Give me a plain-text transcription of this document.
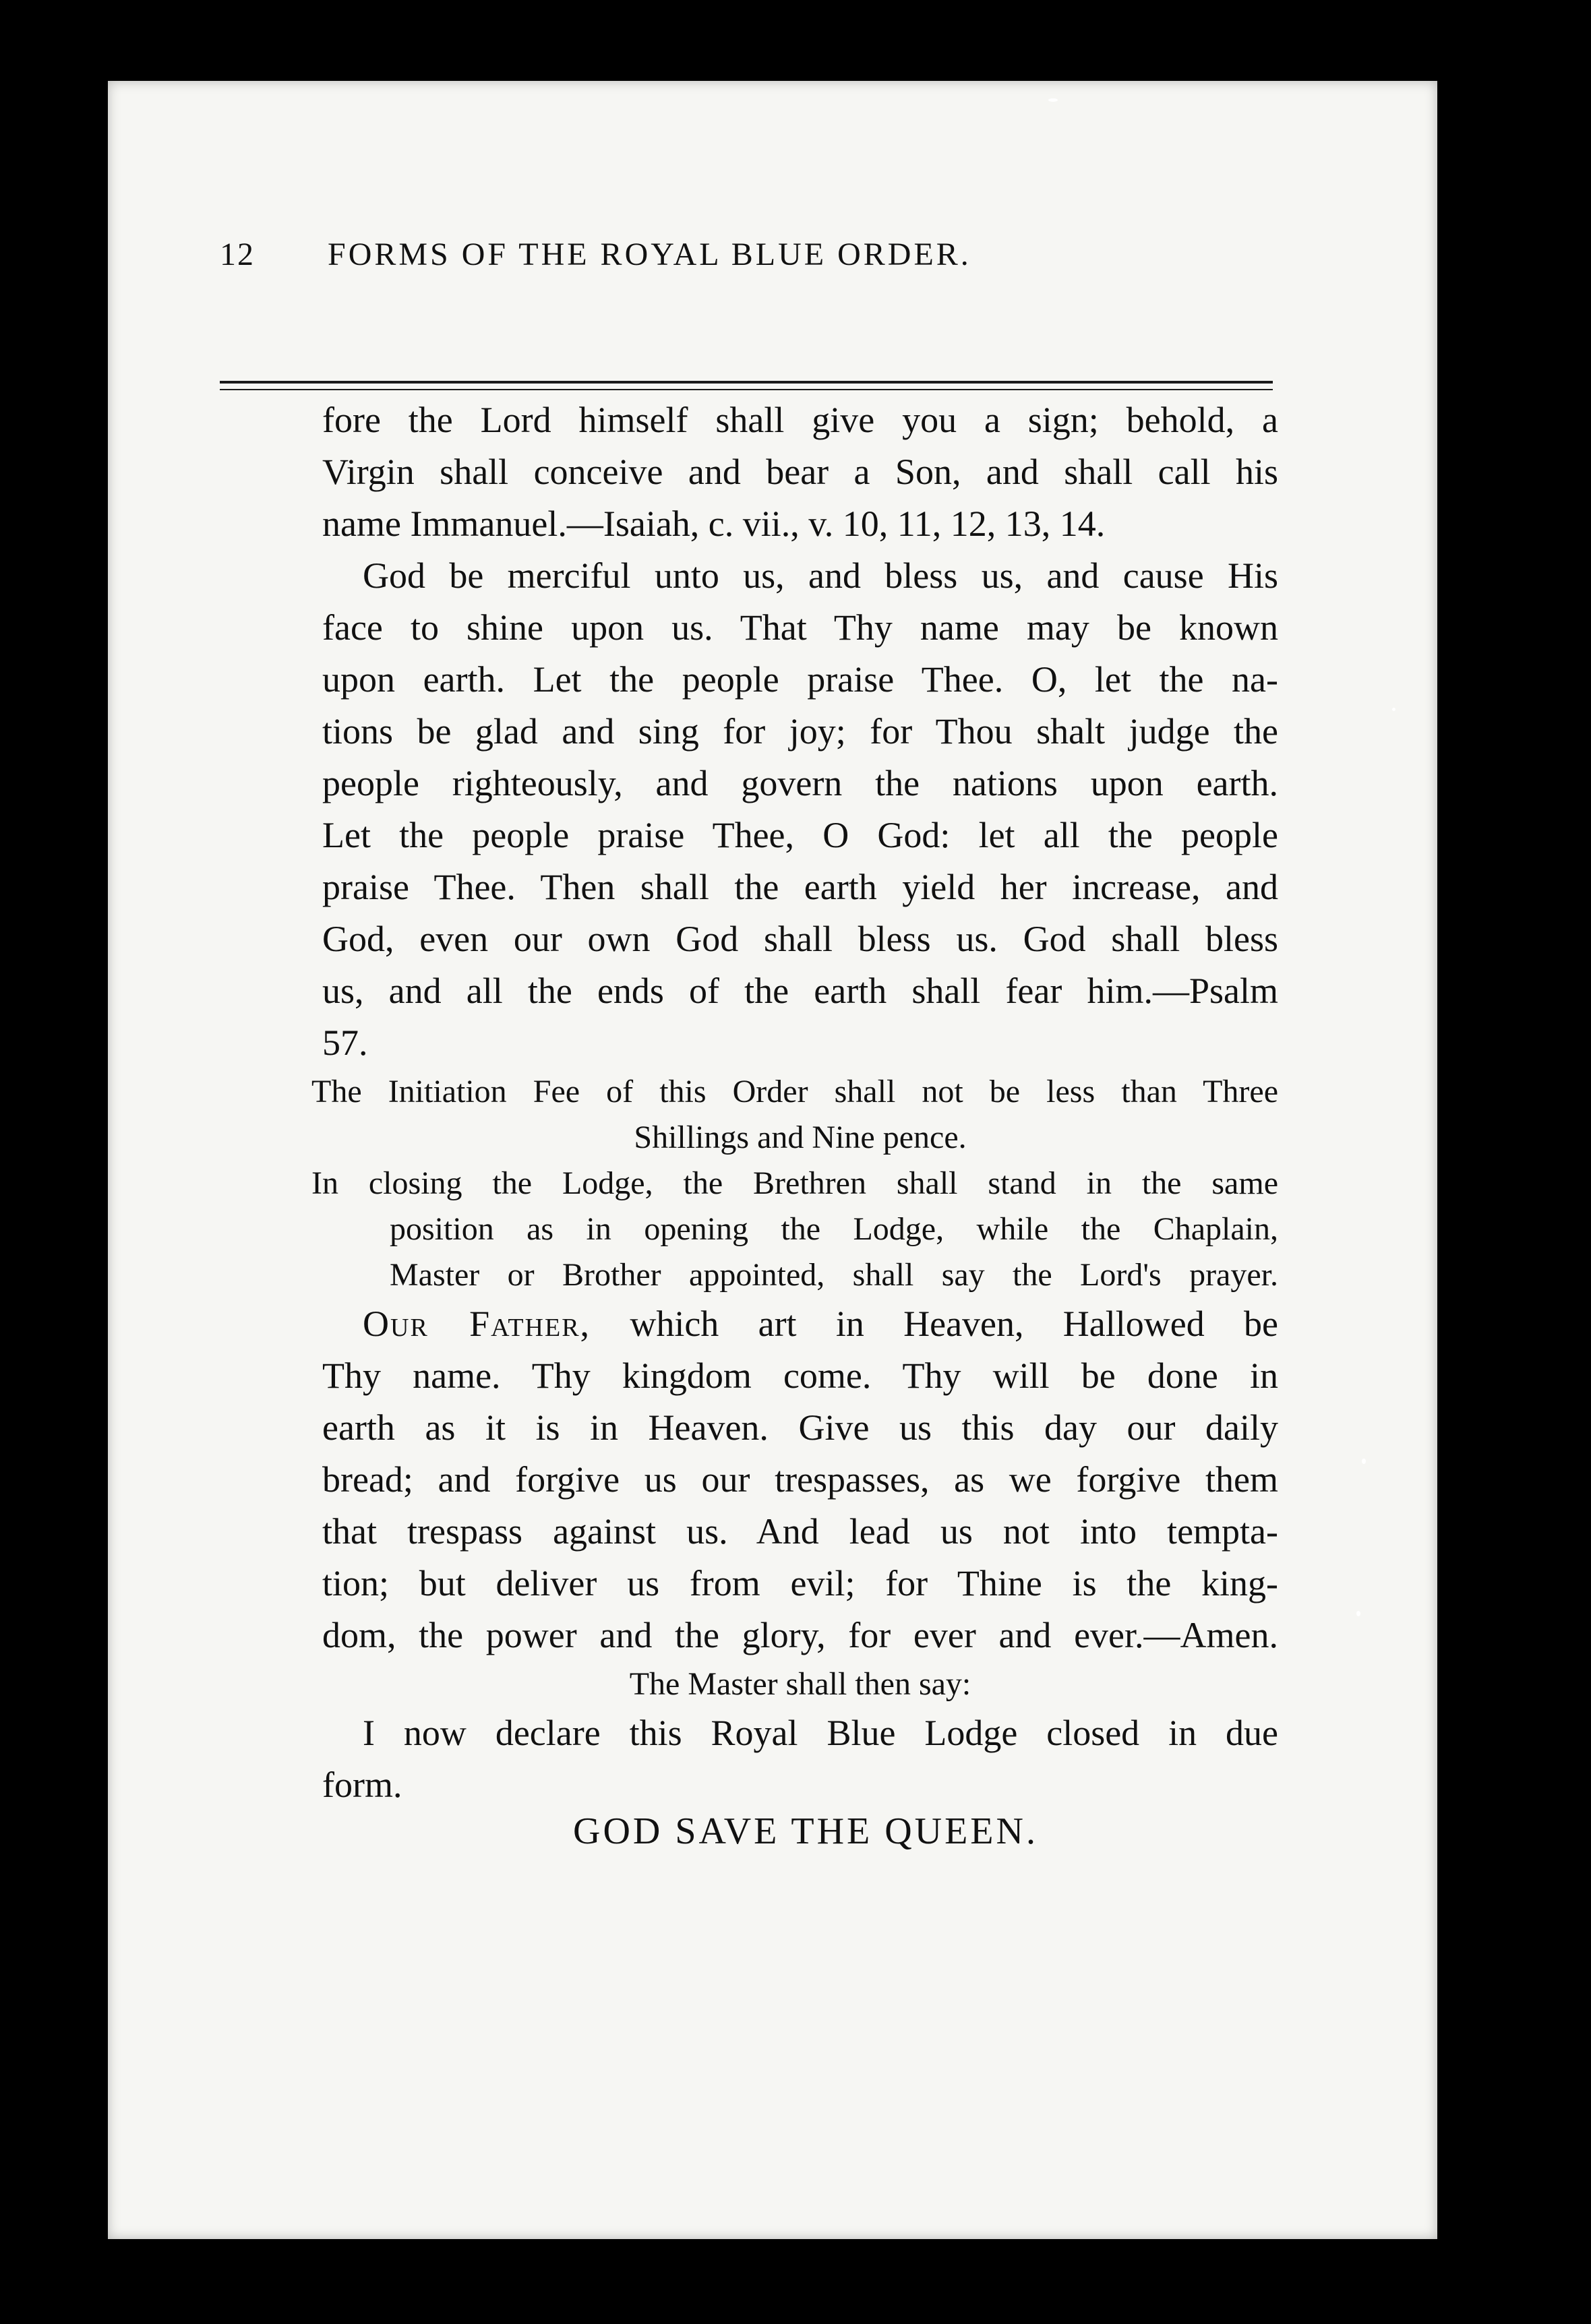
12 FORMS OF THE ROYAL BLUE ORDER.
fore the Lord himself shall give you a sign; behold, a
Virgin shall conceive and bear a Son, and shall call his
name Immanuel.—Isaiah, c. vii., v. 10, 11, 12, 13, 14.
God be merciful unto us, and bless us, and cause His
face to shine upon us. That Thy name may be known
upon earth. Let the people praise Thee. O, let the na-
tions be glad and sing for joy; for Thou shalt judge the
people righteously, and govern the nations upon earth.
Let the people praise Thee, O God: let all the people
praise Thee. Then shall the earth yield her increase, and
God, even our own God shall bless us. God shall bless
us, and all the ends of the earth shall fear him.—Psalm
57.
The Initiation Fee of this Order shall not be less than Three
Shillings and Nine pence.
In closing the Lodge, the Brethren shall stand in the same
position as in opening the Lodge, while the Chaplain,
Master or Brother appointed, shall say the Lord's prayer.
Our Father, which art in Heaven, Hallowed be
Thy name. Thy kingdom come. Thy will be done in
earth as it is in Heaven. Give us this day our daily
bread; and forgive us our trespasses, as we forgive them
that trespass against us. And lead us not into tempta-
tion; but deliver us from evil; for Thine is the king-
dom, the power and the glory, for ever and ever.—Amen.
The Master shall then say:
I now declare this Royal Blue Lodge closed in due
form.
GOD SAVE THE QUEEN.
